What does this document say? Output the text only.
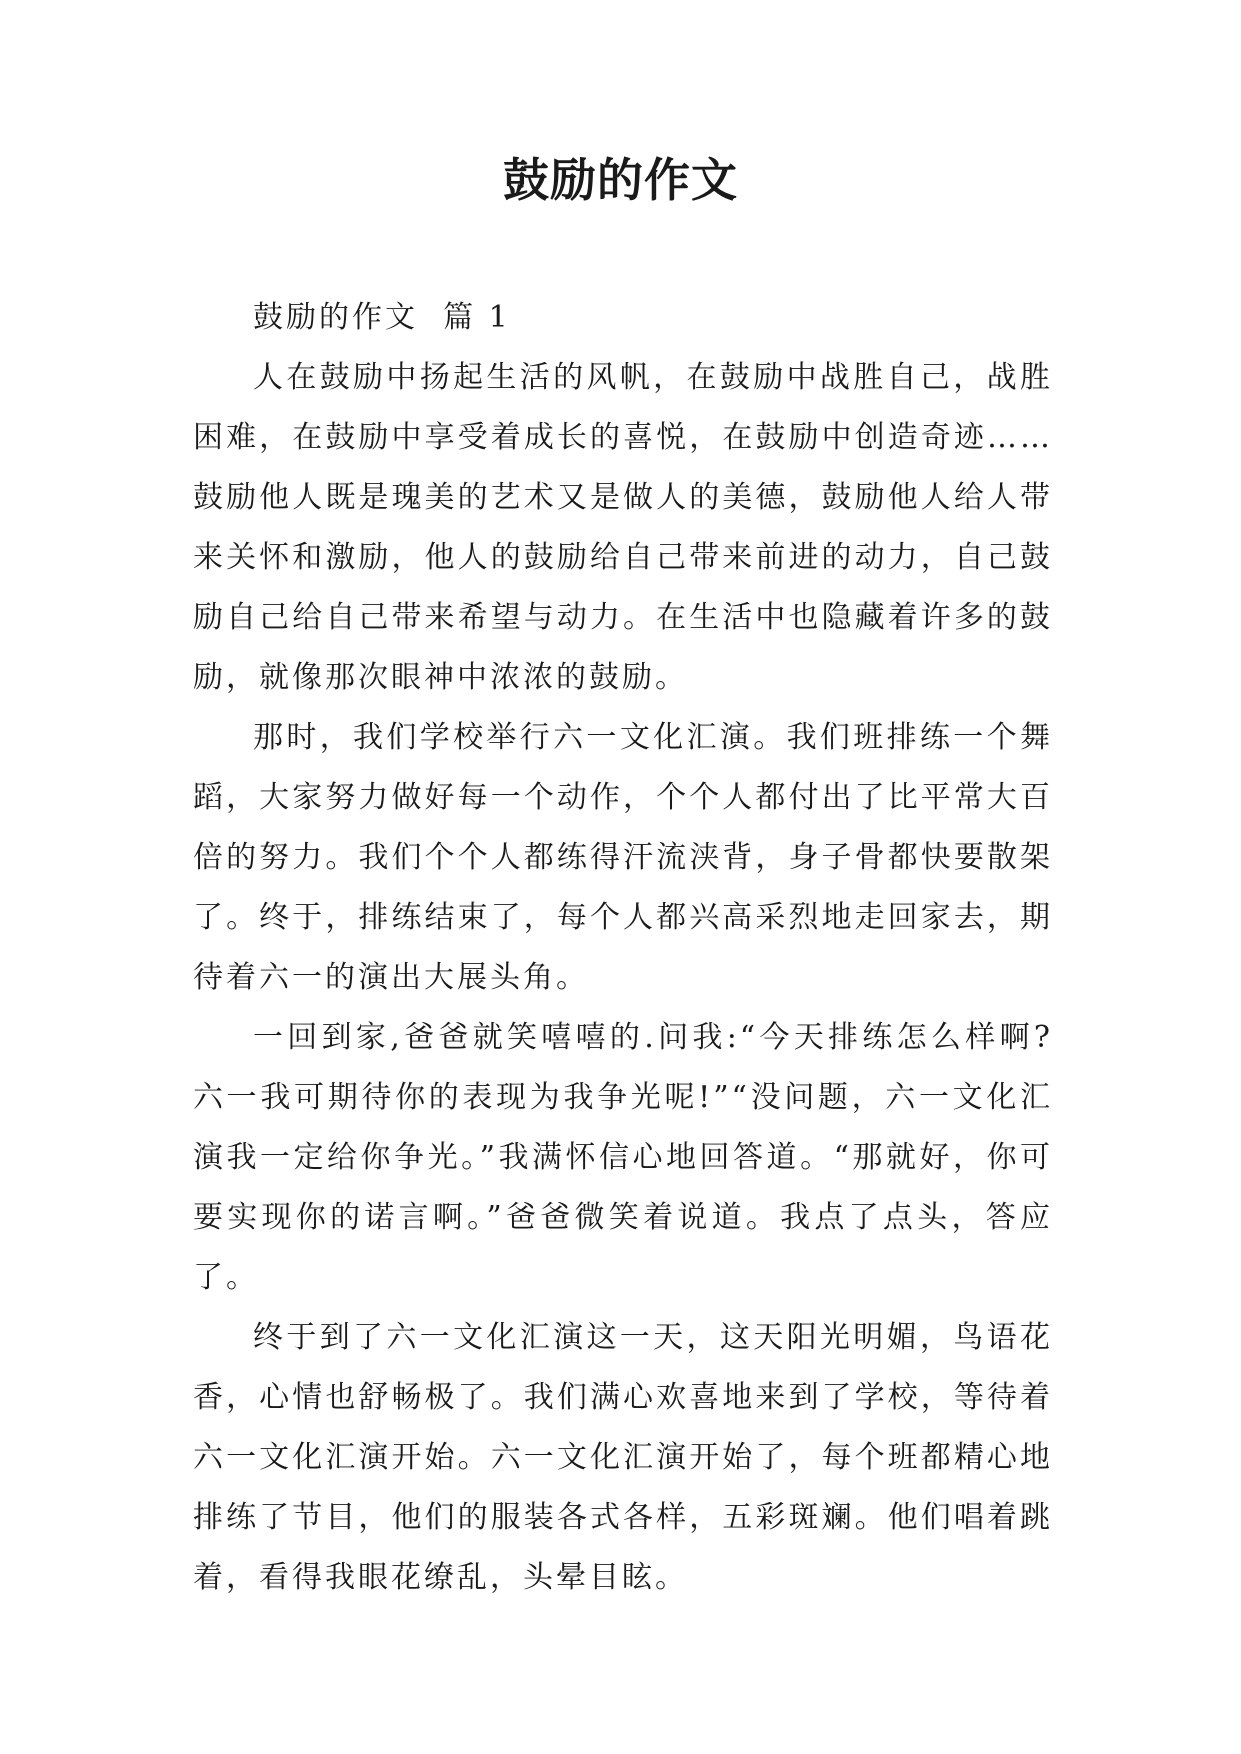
鼓励的作文
鼓励的作文  篇 1

人在鼓励中扬起生活的风帆，在鼓励中战胜自己，战胜困难，在鼓励中享受着成长的喜悦，在鼓励中创造奇迹……鼓励他人既是瑰美的艺术又是做人的美德，鼓励他人给人带来关怀和激励，他人的鼓励给自己带来前进的动力，自己鼓励自己给自己带来希望与动力。在生活中也隐藏着许多的鼓励，就像那次眼神中浓浓的鼓励。

那时，我们学校举行六一文化汇演。我们班排练一个舞蹈，大家努力做好每一个动作，个个人都付出了比平常大百倍的努力。我们个个人都练得汗流浃背，身子骨都快要散架了。终于，排练结束了，每个人都兴高采烈地走回家去，期待着六一的演出大展头角。

一回到家,爸爸就笑嘻嘻的.问我:“今天排练怎么样啊?六一我可期待你的表现为我争光呢!”“没问题，六一文化汇演我一定给你争光。”我满怀信心地回答道。“那就好，你可要实现你的诺言啊。”爸爸微笑着说道。我点了点头，答应了。

终于到了六一文化汇演这一天，这天阳光明媚，鸟语花香，心情也舒畅极了。我们满心欢喜地来到了学校，等待着六一文化汇演开始。六一文化汇演开始了，每个班都精心地排练了节目，他们的服装各式各样，五彩斑斓。他们唱着跳着，看得我眼花缭乱，头晕目眩。
